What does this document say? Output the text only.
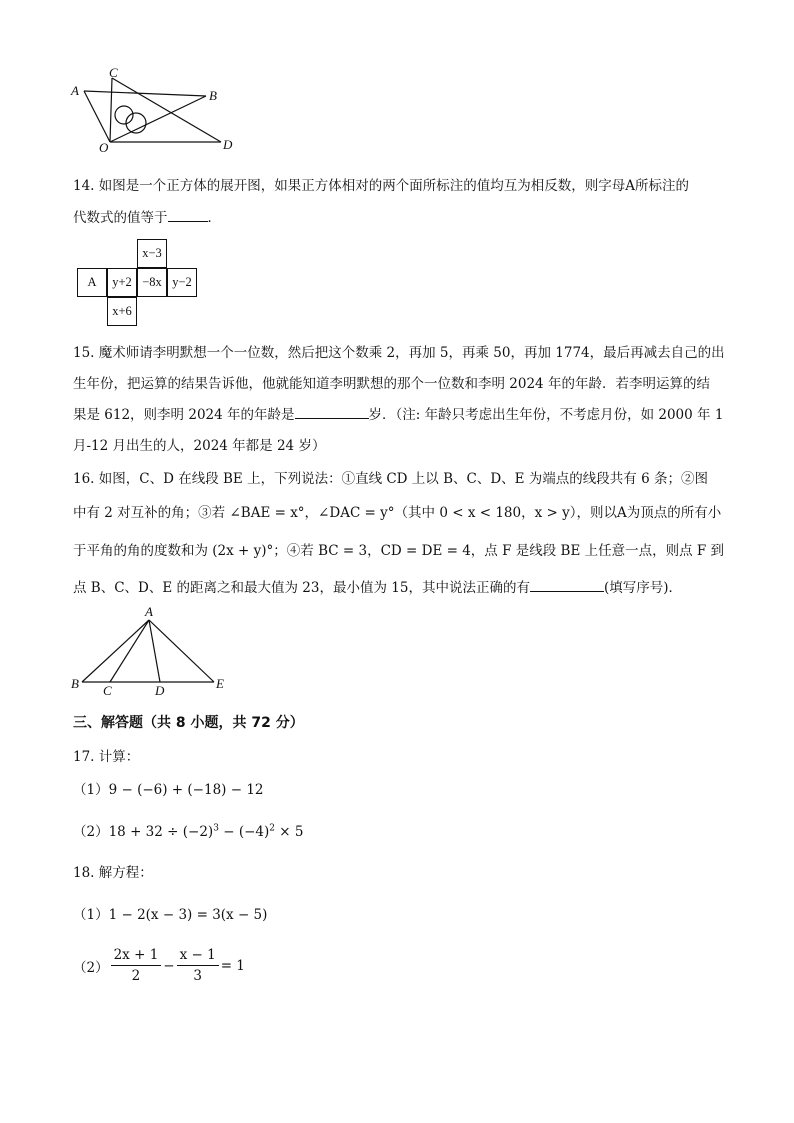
A
C
B
O	D
14. 如图是一个正方体的展开图，如果正方体相对的两个面所标注的值均互为相反数，则字母A所标注的
代数式的值等于	．
x−3
A	y+2 −8x y−2
x+6
15. 魔术师请李明默想一个一位数，然后把这个数乘 2，再加 5，再乘 50，再加 1774，最后再减去自己的出
生年份，把运算的结果告诉他，他就能知道李明默想的那个一位数和李明 2024 年的年龄．若李明运算的结
果是 612，则李明 2024 年的年龄是	岁．（注: 年龄只考虑出生年份，不考虑月份，如 2000 年 1
月-12 月出生的人，2024 年都是 24 岁）
16. 如图，C、D 在线段 BE 上，下列说法：①直线 CD 上以 B、C、D、E 为端点的线段共有 6 条；②图
中有 2 对互补的角；③若 ∠BAE = x°，∠DAC = y°（其中 0 < x < 180，x > y），则以A为顶点的所有小
于平角的角的度数和为 (2x + y)°；④若 BC = 3，CD = DE = 4，点 F 是线段 BE 上任意一点，则点 F 到
点 B、C、D、E 的距离之和最大值为 23，最小值为 15，其中说法正确的有	(填写序号)．
A
B C	D	E
三、解答题（共 8 小题，共 72 分）
17. 计算：
（1）9 − (−6) + (−18) − 12
$(2)18 + 32 \div (-2)^3 - (-4)^2 \times 5$
18. 解方程：
（1）1 − 2(x − 3) = 3(x − 5)
$(2) \frac{2x + 1}{2} - \frac{x - 1}{3} = 1$
